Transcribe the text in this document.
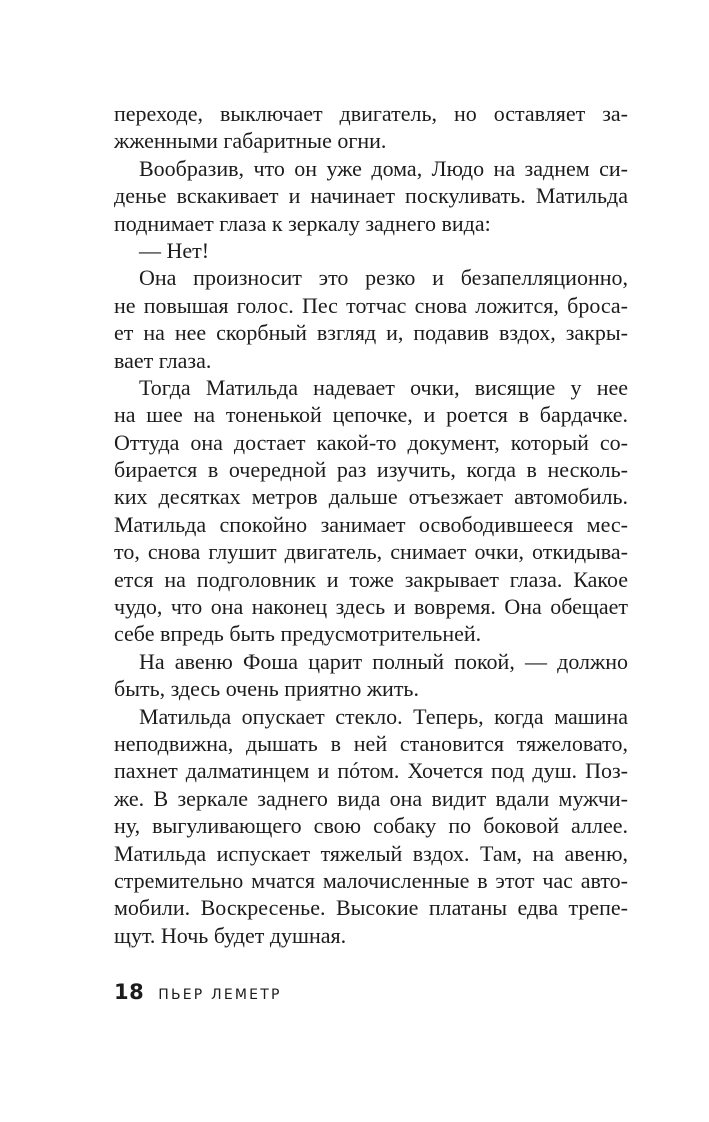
переходе, выключает двигатель, но оставляет за-
жженными габаритные огни.
Вообразив, что он уже дома, Людо на заднем си-
денье вскакивает и начинает поскуливать. Матильда
поднимает глаза к зеркалу заднего вида:
— Нет!
Она произносит это резко и безапелляционно,
не повышая голос. Пес тотчас снова ложится, броса-
ет на нее скорбный взгляд и, подавив вздох, закры-
вает глаза.
Тогда Матильда надевает очки, висящие у нее
на шее на тоненькой цепочке, и роется в бардачке.
Оттуда она достает какой-то документ, который со-
бирается в очередной раз изучить, когда в несколь-
ких десятках метров дальше отъезжает автомобиль.
Матильда спокойно занимает освободившееся мес-
то, снова глушит двигатель, снимает очки, откидыва-
ется на подголовник и тоже закрывает глаза. Какое
чудо, что она наконец здесь и вовремя. Она обещает
себе впредь быть предусмотрительней.
На авеню Фоша царит полный покой, — должно
быть, здесь очень приятно жить.
Матильда опускает стекло. Теперь, когда машина
неподвижна, дышать в ней становится тяжеловато,
пахнет далматинцем и пóтом. Хочется под душ. Поз-
же. В зеркале заднего вида она видит вдали мужчи-
ну, выгуливающего свою собаку по боковой аллее.
Матильда испускает тяжелый вздох. Там, на авеню,
стремительно мчатся малочисленные в этот час авто-
мобили. Воскресенье. Высокие платаны едва трепе-
щут. Ночь будет душная.
18 ПЬЕР ЛЕМЕТР
